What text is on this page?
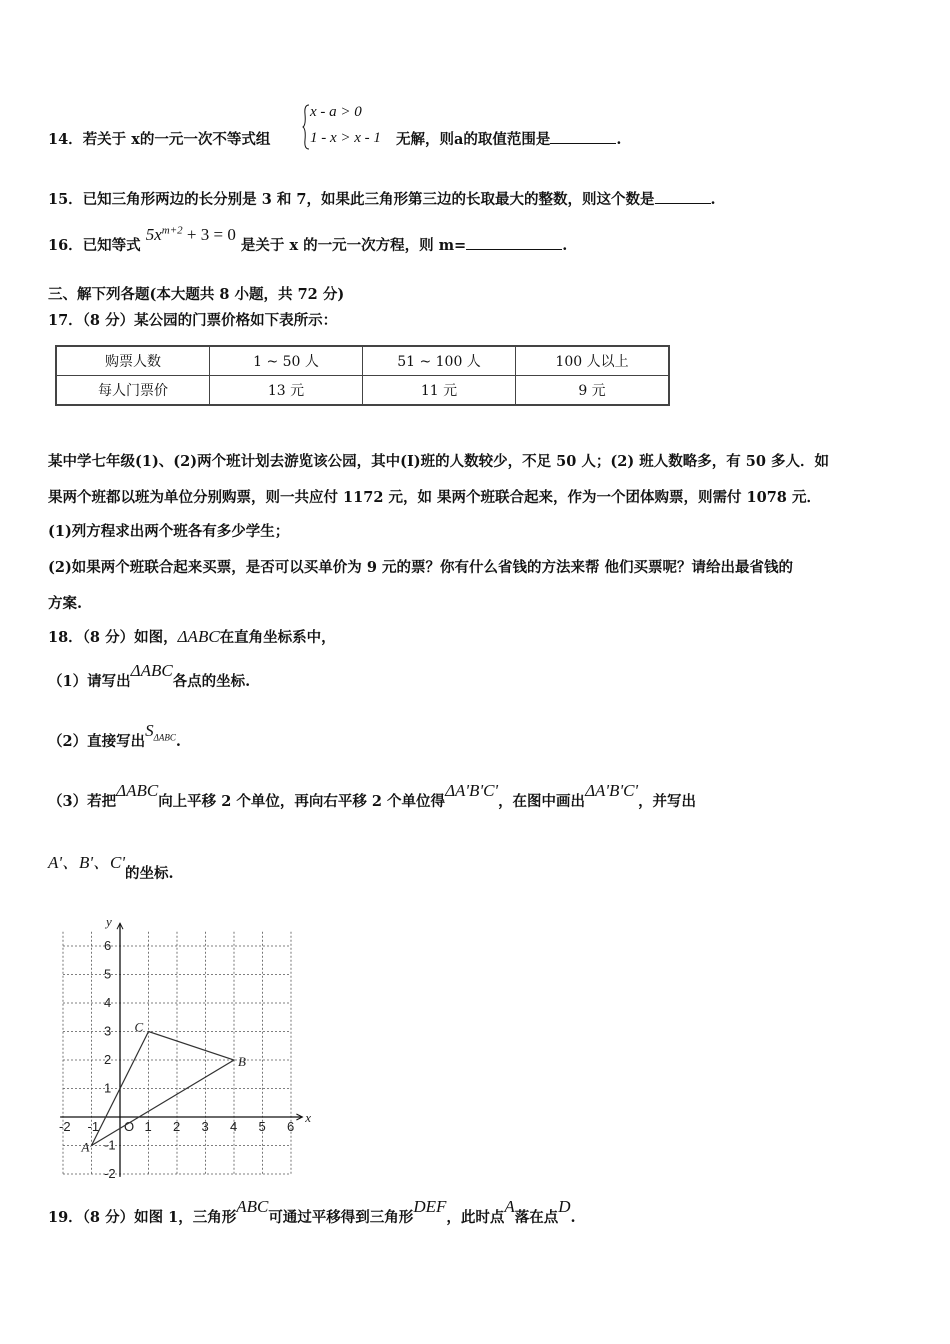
14．若关于 x的一元一次不等式组
x - a > 0
1 - x > x - 1 无解，则a的取值范围是	.
15．已知三角形两边的长分别是 3 和 7，如果此三角形第三边的长取最大的整数，则这个数是	.
16．已知等式 $5x^{m+2} + 3 = 0$ 是关于 x 的一元一次方程，则 m=	.
三、解下列各题(本大题共 8 小题，共 72 分)
17．（8 分）某公园的门票价格如下表所示：
购票人数	1 ~ 50 人	51 ~ 100 人	100 人以上
每人门票价	13 元	11 元	9 元
某中学七年级(1)、(2)两个班计划去游览该公园，其中(I)班的人数较少，不足 50 人；(2) 班人数略多，有 50 多人．如
果两个班都以班为单位分别购票，则一共应付 1172 元，如 果两个班联合起来，作为一个团体购票，则需付 1078 元．
(1)列方程求出两个班各有多少学生；
(2)如果两个班联合起来买票，是否可以买单价为 9 元的票？你有什么省钱的方法来帮 他们买票呢？请给出最省钱的
方案.
18．（8 分）如图，ΔABC在直角坐标系中，
（1）请写出ΔABC各点的坐标.
（2）直接写出$S_{\Delta ABC}$.
（3）若把ΔABC向上平移 2 个单位，再向右平移 2 个单位得ΔA'B'C'，在图中画出ΔA'B'C'，并写出
A'、B'、C'的坐标.
-2 -1 O 1 2 3 4 5 6
6
5
4
3
2
1
-1
-2
x
y
A
B
C
19．（8 分）如图 1，三角形ABC可通过平移得到三角形DEF，此时点A落在点D.
